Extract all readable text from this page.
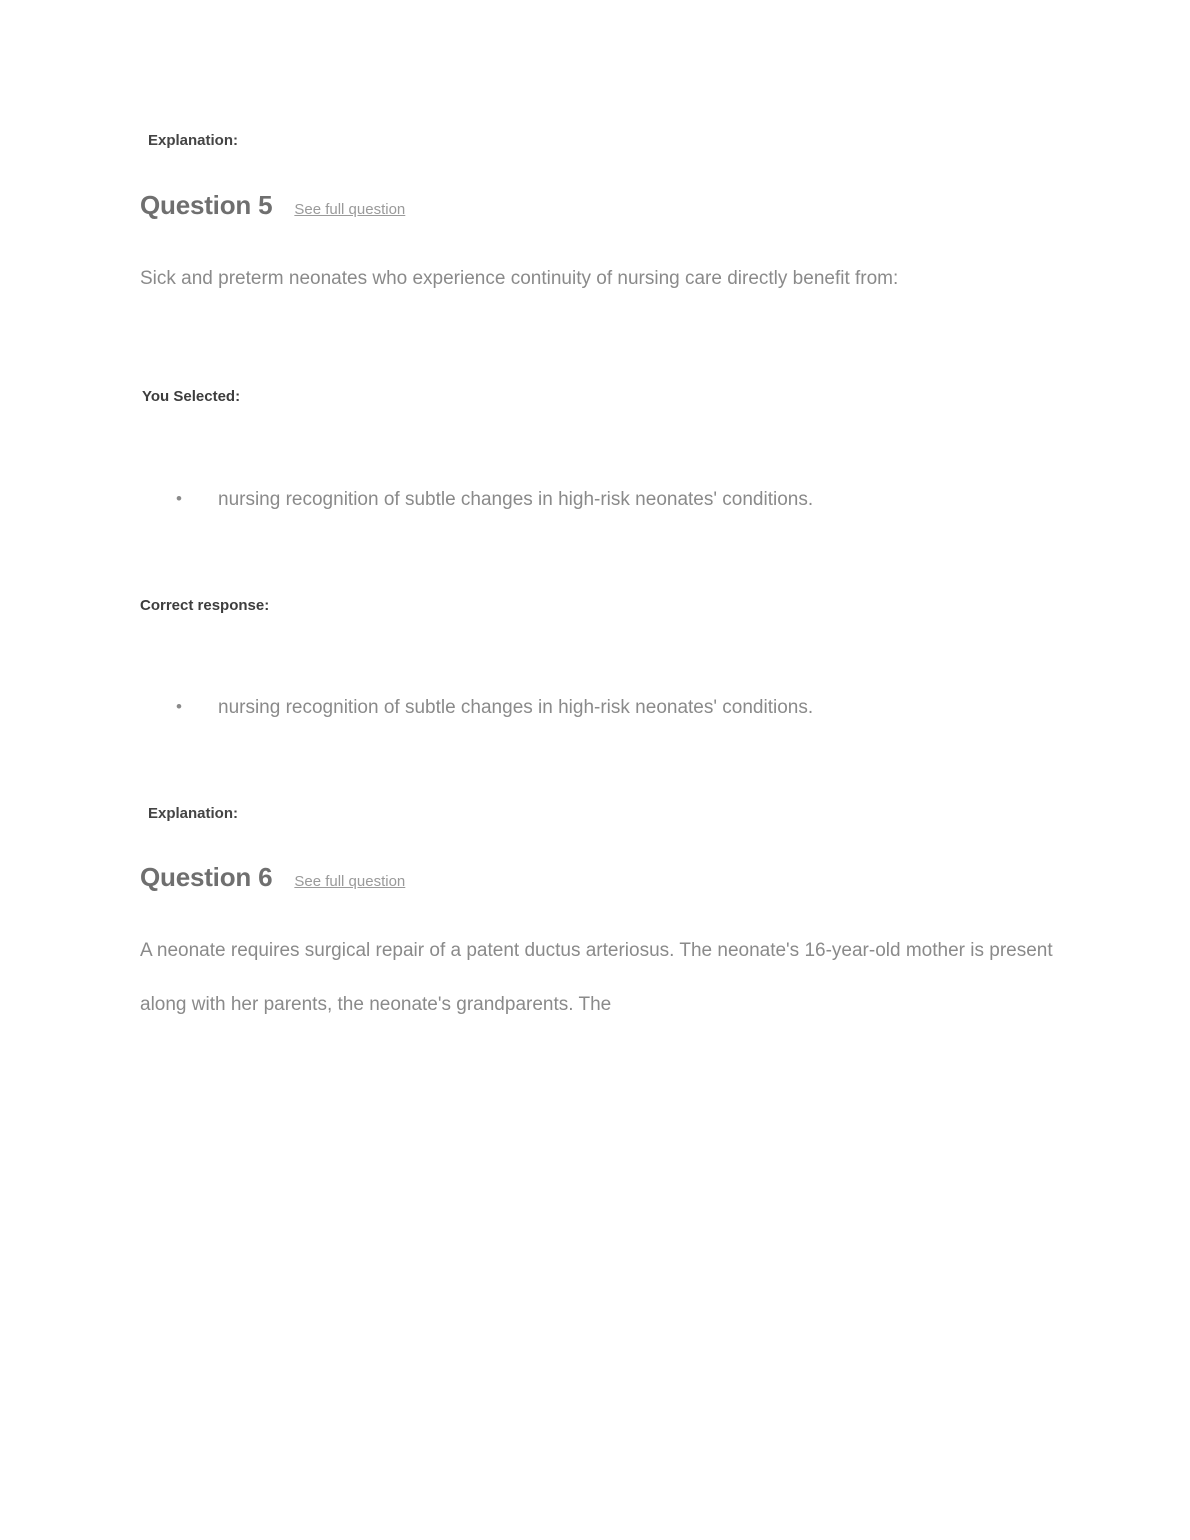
Explanation:
Question 5 See full question
Sick and preterm neonates who experience continuity of nursing care directly benefit from:
You Selected:
• nursing recognition of subtle changes in high-risk neonates' conditions.
Correct response:
• nursing recognition of subtle changes in high-risk neonates' conditions.
Explanation:
Question 6 See full question
A neonate requires surgical repair of a patent ductus arteriosus. The neonate's 16-year-old mother is present along with her parents, the neonate's grandparents. The
